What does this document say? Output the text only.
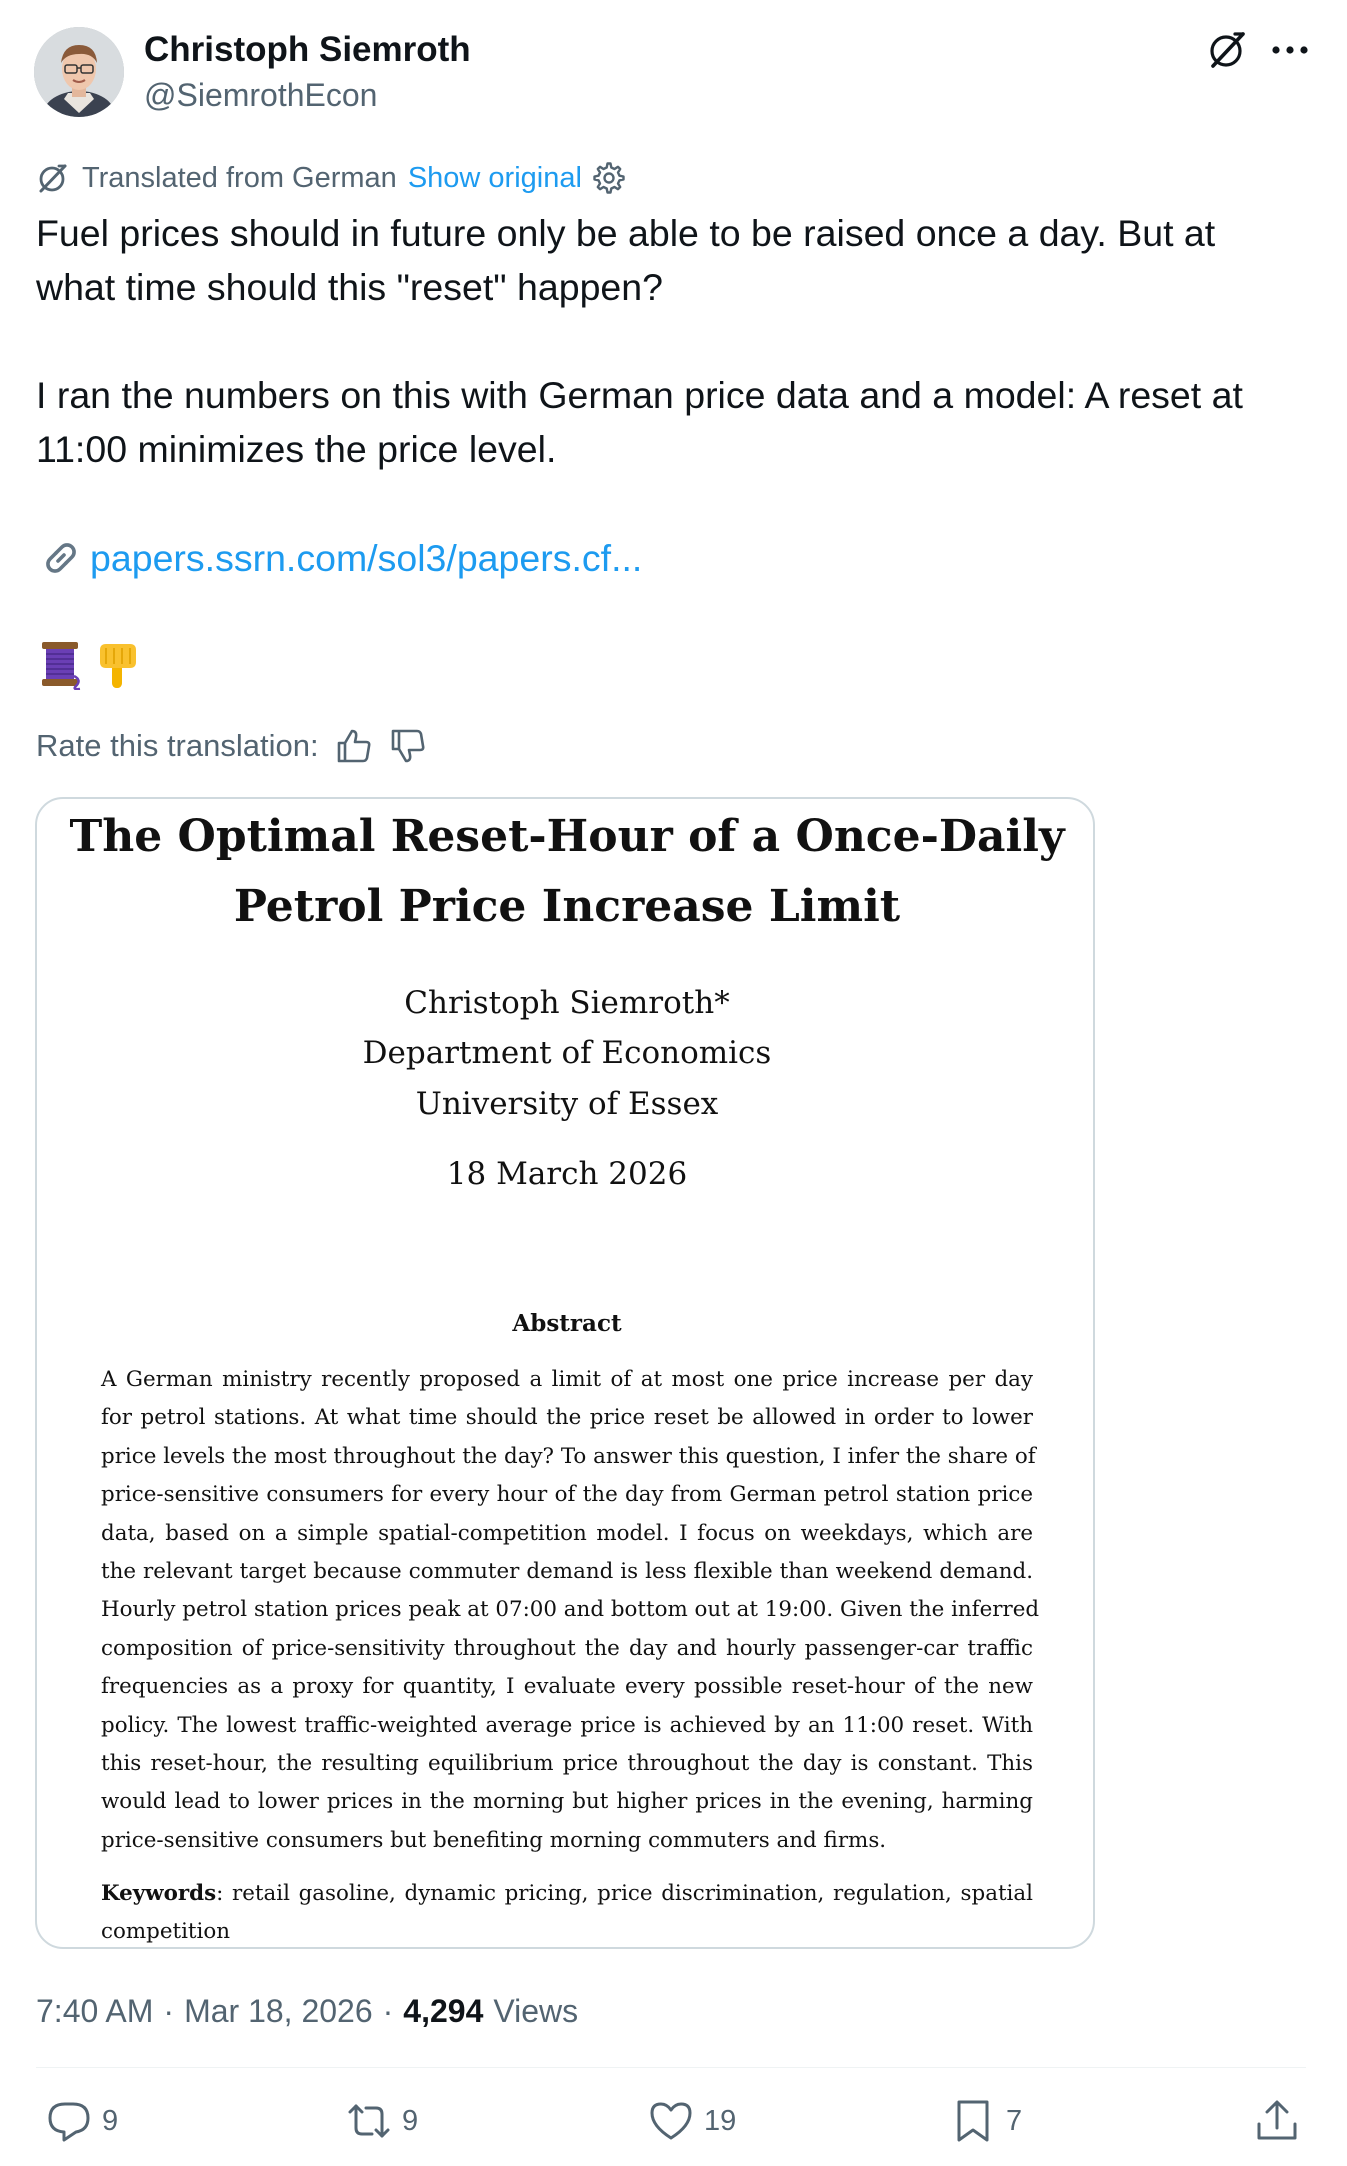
Christoph Siemroth
@SiemrothEcon
Translated from German Show original

Fuel prices should in future only be able to be raised once a day. But at

what time should this "reset" happen?

I ran the numbers on this with German price data and a model: A reset at

11:00 minimizes the price level.

papers.ssrn.com/sol3/papers.cf...
Rate this translation:
The Optimal Reset-Hour of a Once-Daily
Petrol Price Increase Limit
Christoph Siemroth*
Department of Economics
University of Essex
18 March 2026
Abstract
A German ministry recently proposed a limit of at most one price increase per day
for petrol stations. At what time should the price reset be allowed in order to lower
price levels the most throughout the day? To answer this question, I infer the share of
price-sensitive consumers for every hour of the day from German petrol station price
data, based on a simple spatial-competition model. I focus on weekdays, which are
the relevant target because commuter demand is less flexible than weekend demand.
Hourly petrol station prices peak at 07:00 and bottom out at 19:00. Given the inferred
composition of price-sensitivity throughout the day and hourly passenger-car traffic
frequencies as a proxy for quantity, I evaluate every possible reset-hour of the new
policy. The lowest traffic-weighted average price is achieved by an 11:00 reset. With
this reset-hour, the resulting equilibrium price throughout the day is constant. This
would lead to lower prices in the morning but higher prices in the evening, harming
price-sensitive consumers but benefiting morning commuters and firms.
Keywords: retail gasoline, dynamic pricing, price discrimination, regulation, spatial
competition
7:40 AM · Mar 18, 2026 · 4,294 Views
9	9	19	7
